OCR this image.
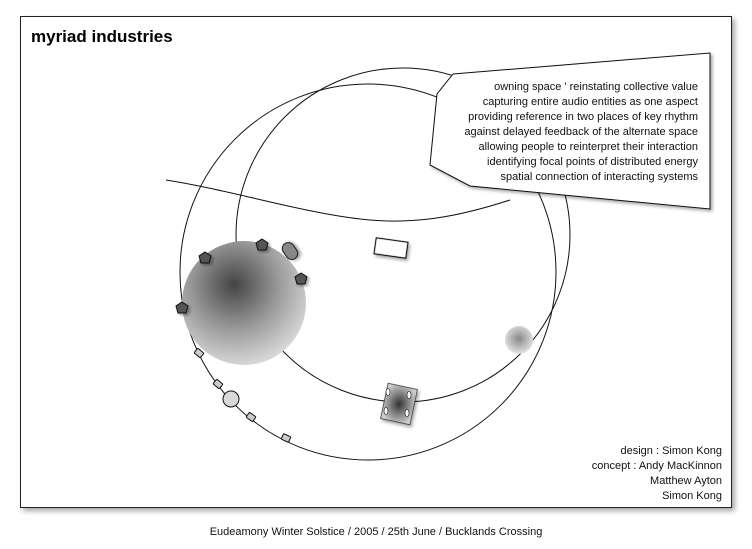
myriad industries
owning space ' reinstating collective value
capturing entire audio entities as one aspect
providing reference in two places of key rhythm
against delayed feedback of the alternate space
allowing people to reinterpret their interaction
identifying focal points of distributed energy
spatial connection of interacting systems
design : Simon Kong
concept : Andy MacKinnon
Matthew Ayton
Simon Kong
Eudeamony Winter Solstice / 2005 / 25th June / Bucklands Crossing
